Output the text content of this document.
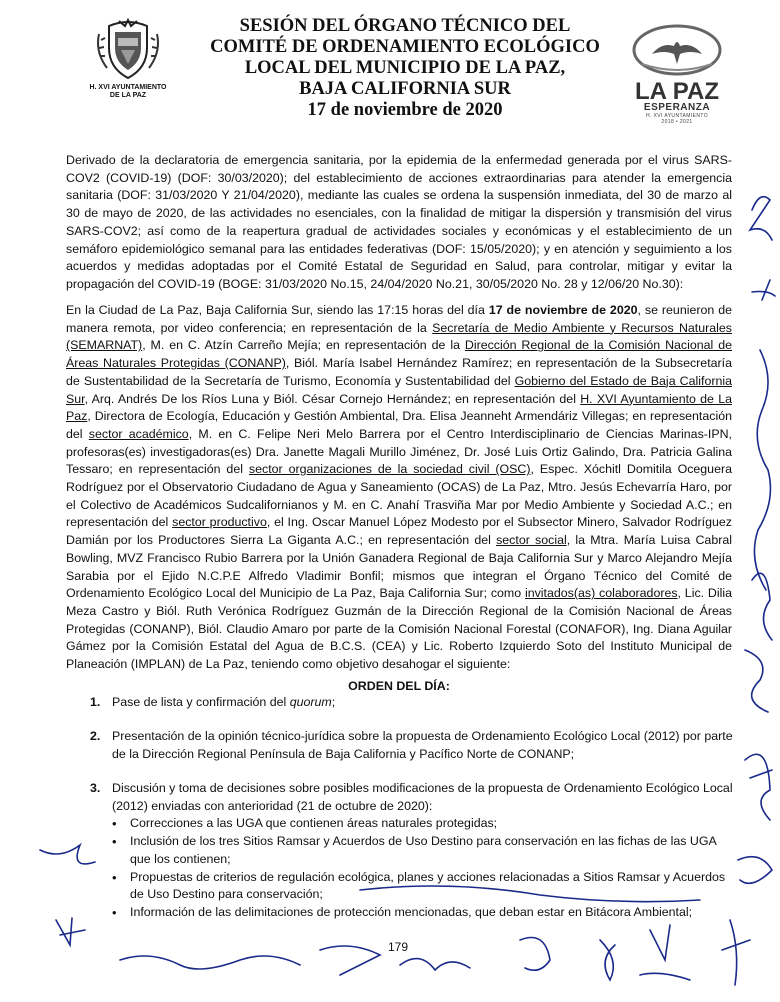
H. XVI AYUNTAMIENTO
DE LA PAZ
SESIÓN DEL ÓRGANO TÉCNICO DEL
COMITÉ DE ORDENAMIENTO ECOLÓGICO
LOCAL DEL MUNICIPIO DE LA PAZ,
BAJA CALIFORNIA SUR
17 de noviembre de 2020
LA PAZ
ESPERANZA
H. XVI AYUNTAMIENTO
2018 • 2021
Derivado de la declaratoria de emergencia sanitaria, por la epidemia de la enfermedad generada por el virus SARS-COV2 (COVID-19) (DOF: 30/03/2020); del establecimiento de acciones extraordinarias para atender la emergencia sanitaria (DOF: 31/03/2020 Y 21/04/2020), mediante las cuales se ordena la suspensión inmediata, del 30 de marzo al 30 de mayo de 2020, de las actividades no esenciales, con la finalidad de mitigar la dispersión y transmisión del virus SARS-COV2; así como de la reapertura gradual de actividades sociales y económicas y el establecimiento de un semáforo epidemiológico semanal para las entidades federativas (DOF: 15/05/2020); y en atención y seguimiento a los acuerdos y medidas adoptadas por el Comité Estatal de Seguridad en Salud, para controlar, mitigar y evitar la propagación del COVID-19 (BOGE: 31/03/2020 No.15, 24/04/2020 No.21, 30/05/2020 No. 28 y 12/06/20 No.30):
En la Ciudad de La Paz, Baja California Sur, siendo las 17:15 horas del día 17 de noviembre de 2020, se reunieron de manera remota, por video conferencia; en representación de la Secretaría de Medio Ambiente y Recursos Naturales (SEMARNAT), M. en C. Atzín Carreño Mejía; en representación de la Dirección Regional de la Comisión Nacional de Áreas Naturales Protegidas (CONANP), Biól. María Isabel Hernández Ramírez; en representación de la Subsecretaría de Sustentabilidad de la Secretaría de Turismo, Economía y Sustentabilidad del Gobierno del Estado de Baja California Sur, Arq. Andrés De los Ríos Luna y Biól. César Cornejo Hernández; en representación del H. XVI Ayuntamiento de La Paz, Directora de Ecología, Educación y Gestión Ambiental, Dra. Elisa Jeanneht Armendáriz Villegas; en representación del sector académico, M. en C. Felipe Neri Melo Barrera por el Centro Interdisciplinario de Ciencias Marinas-IPN, profesoras(es) investigadoras(es) Dra. Janette Magali Murillo Jiménez, Dr. José Luis Ortiz Galindo, Dra. Patricia Galina Tessaro; en representación del sector organizaciones de la sociedad civil (OSC), Espec. Xóchitl Domitila Oceguera Rodríguez por el Observatorio Ciudadano de Agua y Saneamiento (OCAS) de La Paz, Mtro. Jesús Echevarría Haro, por el Colectivo de Académicos Sudcalifornianos y M. en C. Anahí Trasviña Mar por Medio Ambiente y Sociedad A.C.; en representación del sector productivo, el Ing. Oscar Manuel López Modesto por el Subsector Minero, Salvador Rodríguez Damián por los Productores Sierra La Giganta A.C.; en representación del sector social, la Mtra. María Luisa Cabral Bowling, MVZ Francisco Rubio Barrera por la Unión Ganadera Regional de Baja California Sur y Marco Alejandro Mejía Sarabia por el Ejido N.C.P.E Alfredo Vladimir Bonfil; mismos que integran el Órgano Técnico del Comité de Ordenamiento Ecológico Local del Municipio de La Paz, Baja California Sur; como invitados(as) colaboradores, Lic. Dilia Meza Castro y Biól. Ruth Verónica Rodríguez Guzmán de la Dirección Regional de la Comisión Nacional de Áreas Protegidas (CONANP), Biól. Claudio Amaro por parte de la Comisión Nacional Forestal (CONAFOR), Ing. Diana Aguilar Gámez por la Comisión Estatal del Agua de B.C.S. (CEA) y Lic. Roberto Izquierdo Soto del Instituto Municipal de Planeación (IMPLAN) de La Paz, teniendo como objetivo desahogar el siguiente:
ORDEN DEL DÍA:
1. Pase de lista y confirmación del quorum;
2. Presentación de la opinión técnico-jurídica sobre la propuesta de Ordenamiento Ecológico Local (2012) por parte de la Dirección Regional Península de Baja California y Pacífico Norte de CONANP;
3. Discusión y toma de decisiones sobre posibles modificaciones de la propuesta de Ordenamiento Ecológico Local (2012) enviadas con anterioridad (21 de octubre de 2020):
• Correcciones a las UGA que contienen áreas naturales protegidas;
• Inclusión de los tres Sitios Ramsar y Acuerdos de Uso Destino para conservación en las fichas de las UGA que los contienen;
• Propuestas de criterios de regulación ecológica, planes y acciones relacionadas a Sitios Ramsar y Acuerdos de Uso Destino para conservación;
• Información de las delimitaciones de protección mencionadas, que deban estar en Bitácora Ambiental;
179
